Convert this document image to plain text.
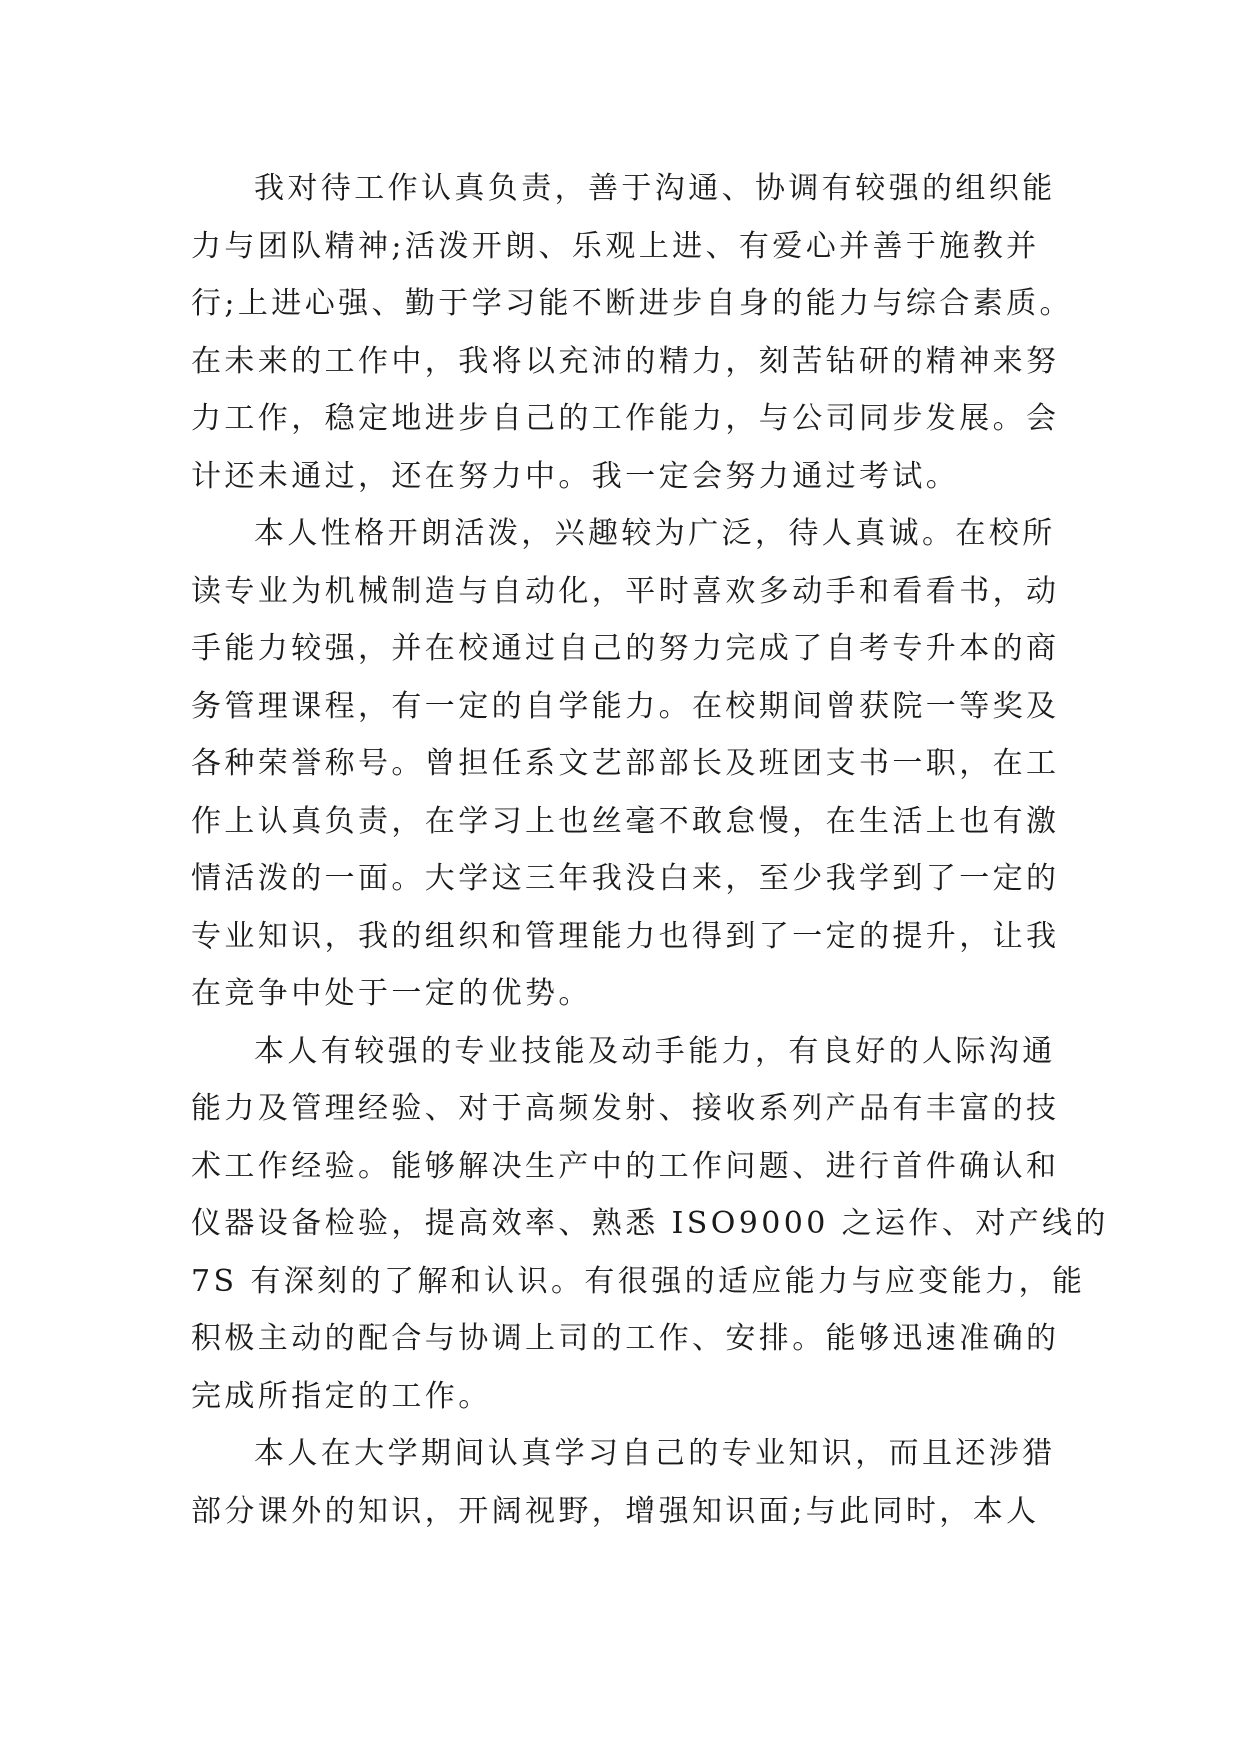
我对待工作认真负责，善于沟通、协调有较强的组织能
力与团队精神;活泼开朗、乐观上进、有爱心并善于施教并
行;上进心强、勤于学习能不断进步自身的能力与综合素质。
在未来的工作中，我将以充沛的精力，刻苦钻研的精神来努
力工作，稳定地进步自己的工作能力，与公司同步发展。会
计还未通过，还在努力中。我一定会努力通过考试。
本人性格开朗活泼，兴趣较为广泛，待人真诚。在校所
读专业为机械制造与自动化，平时喜欢多动手和看看书，动
手能力较强，并在校通过自己的努力完成了自考专升本的商
务管理课程，有一定的自学能力。在校期间曾获院一等奖及
各种荣誉称号。曾担任系文艺部部长及班团支书一职，在工
作上认真负责，在学习上也丝毫不敢怠慢，在生活上也有激
情活泼的一面。大学这三年我没白来，至少我学到了一定的
专业知识，我的组织和管理能力也得到了一定的提升，让我
在竞争中处于一定的优势。
本人有较强的专业技能及动手能力，有良好的人际沟通
能力及管理经验、对于高频发射、接收系列产品有丰富的技
术工作经验。能够解决生产中的工作问题、进行首件确认和
仪器设备检验，提高效率、熟悉 ISO9000 之运作、对产线的
7S 有深刻的了解和认识。有很强的适应能力与应变能力，能
积极主动的配合与协调上司的工作、安排。能够迅速准确的
完成所指定的工作。
本人在大学期间认真学习自己的专业知识，而且还涉猎
部分课外的知识，开阔视野，增强知识面;与此同时，本人
